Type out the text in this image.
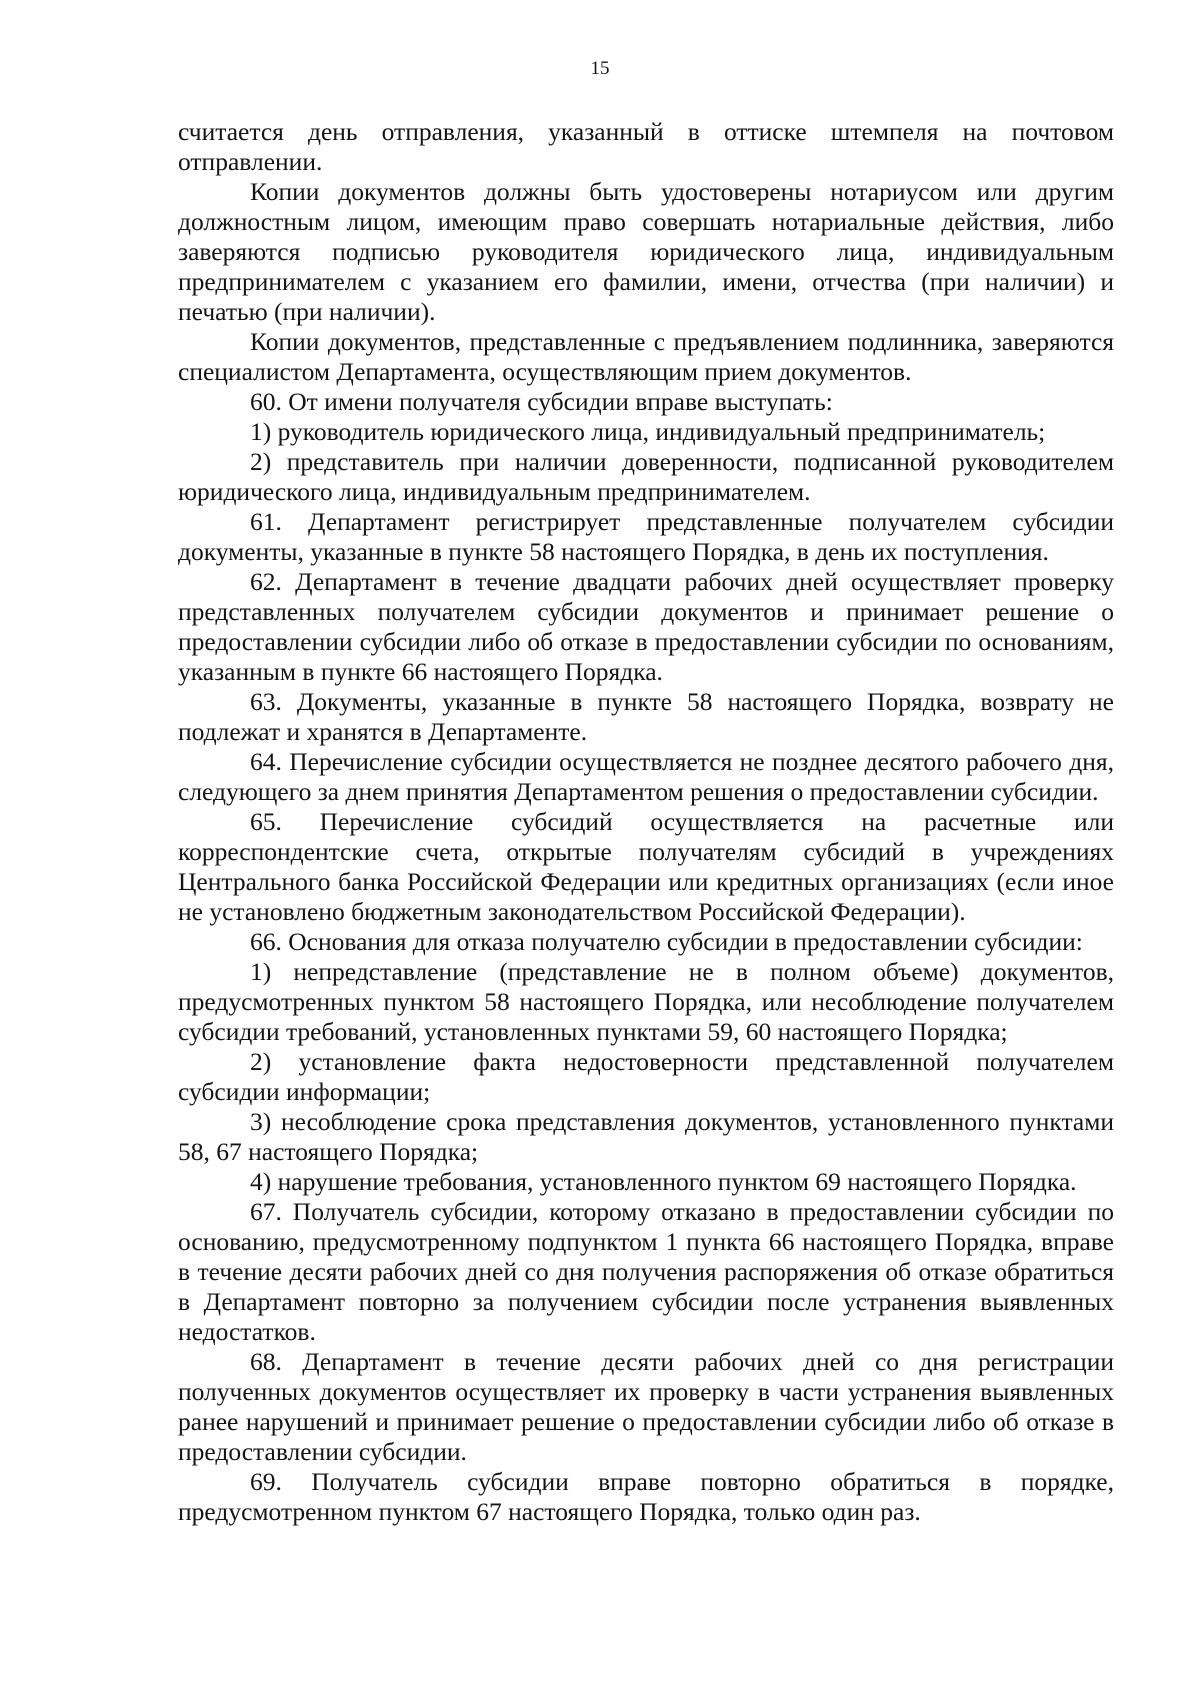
15

считается день отправления, указанный в оттиске штемпеля на почтовом отправлении.

Копии документов должны быть удостоверены нотариусом или другим должностным лицом, имеющим право совершать нотариальные действия, либо заверяются подписью руководителя юридического лица, индивидуальным предпринимателем с указанием его фамилии, имени, отчества (при наличии) и печатью (при наличии).

Копии документов, представленные с предъявлением подлинника, заверяются специалистом Департамента, осуществляющим прием документов.

60. От имени получателя субсидии вправе выступать:

1) руководитель юридического лица, индивидуальный предприниматель;

2) представитель при наличии доверенности, подписанной руководителем юридического лица, индивидуальным предпринимателем.

61. Департамент регистрирует представленные получателем субсидии документы, указанные в пункте 58 настоящего Порядка, в день их поступления.

62. Департамент в течение двадцати рабочих дней осуществляет проверку представленных получателем субсидии документов и принимает решение о предоставлении субсидии либо об отказе в предоставлении субсидии по основаниям, указанным в пункте 66 настоящего Порядка.

63. Документы, указанные в пункте 58 настоящего Порядка, возврату не подлежат и хранятся в Департаменте.

64. Перечисление субсидии осуществляется не позднее десятого рабочего дня, следующего за днем принятия Департаментом решения о предоставлении субсидии.

65. Перечисление субсидий осуществляется на расчетные или корреспондентские счета, открытые получателям субсидий в учреждениях Центрального банка Российской Федерации или кредитных организациях (если иное не установлено бюджетным законодательством Российской Федерации).

66. Основания для отказа получателю субсидии в предоставлении субсидии:

1) непредставление (представление не в полном объеме) документов, предусмотренных пунктом 58 настоящего Порядка, или несоблюдение получателем субсидии требований, установленных пунктами 59, 60 настоящего Порядка;

2) установление факта недостоверности представленной получателем субсидии информации;

3) несоблюдение срока представления документов, установленного пунктами 58, 67 настоящего Порядка;

4) нарушение требования, установленного пунктом 69 настоящего Порядка.

67. Получатель субсидии, которому отказано в предоставлении субсидии по основанию, предусмотренному подпунктом 1 пункта 66 настоящего Порядка, вправе в течение десяти рабочих дней со дня получения распоряжения об отказе обратиться в Департамент повторно за получением субсидии после устранения выявленных недостатков.

68. Департамент в течение десяти рабочих дней со дня регистрации полученных документов осуществляет их проверку в части устранения выявленных ранее нарушений и принимает решение о предоставлении субсидии либо об отказе в предоставлении субсидии.

69. Получатель субсидии вправе повторно обратиться в порядке, предусмотренном пунктом 67 настоящего Порядка, только один раз.
